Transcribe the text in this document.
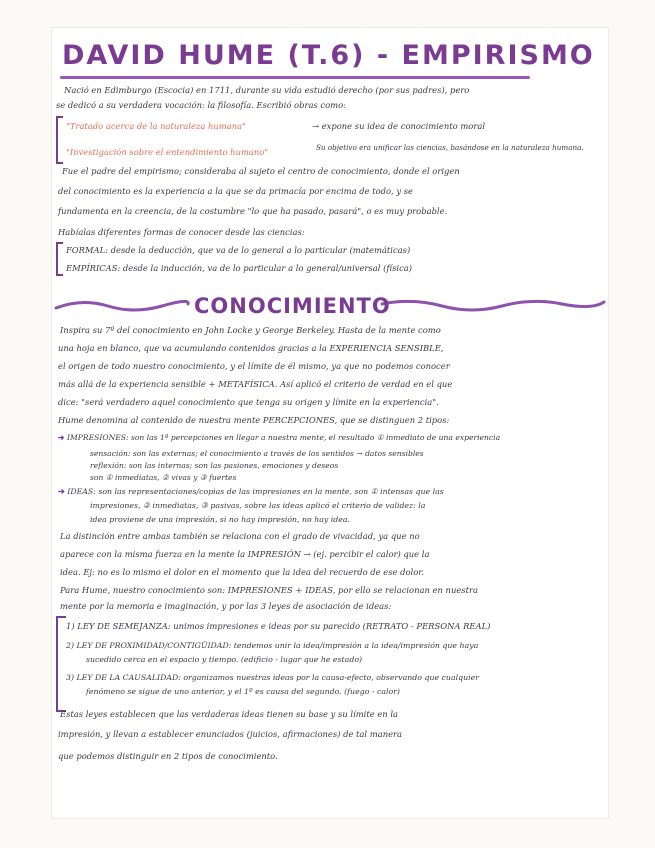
DAVID HUME (T.6) - EMPIRISMO
Nació en Edimburgo (Escocia) en 1711, durante su vida estudió derecho (por sus padres), pero
se dedicó a su verdadera vocación: la filosofía. Escribió obras como:
"Tratado acerca de la naturaleza humana"	→ expone su idea de conocimiento moral
"Investigación sobre el entendimiento humano"	Su objetivo era unificar las ciencias, basándose en la naturaleza humana.
Fue el padre del empirismo; consideraba al sujeto el centro de conocimiento, donde el origen
del conocimiento es la experiencia a la que se da primacía por encima de todo, y se
fundamenta en la creencia, de la costumbre "lo que ha pasado, pasará", o es muy probable.
Habíalas diferentes formas de conocer desde las ciencias:
FORMAL: desde la deducción, que va de lo general a lo particular (matemáticas)
EMPÍRICAS: desde la inducción, va de lo particular a lo general/universal (física)
CONOCIMIENTO
Inspira su 7º del conocimiento en John Locke y George Berkeley. Hasta de la mente como
una hoja en blanco, que va acumulando contenidos gracias a la EXPERIENCIA SENSIBLE,
el origen de todo nuestro conocimiento, y el límite de él mismo, ya que no podemos conocer
más allá de la experiencia sensible + METAFÍSICA. Así aplicó el criterio de verdad en el que
dice: "será verdadero aquel conocimiento que tenga su origen y límite en la experiencia".
Hume denomina al contenido de nuestra mente PERCEPCIONES, que se distinguen 2 tipos:
➔ IMPRESIONES: son las 1ª percepciones en llegar a nuestra mente, el resultado ① inmediato de una experiencia
sensación: son las externas; el conocimiento a través de los sentidos → datos sensibles
reflexión: son las internas; son las pasiones, emociones y deseos
son ① inmediatas, ② vivas y ③ fuertes
➔ IDEAS: son las representaciones/copias de las impresiones en la mente, son ① intensas que las
impresiones, ② inmediatas, ③ pasivas, sobre las ideas aplicó el criterio de validez: la
idea proviene de una impresión, si no hay impresión, no hay idea.
La distinción entre ambas también se relaciona con el grado de vivacidad, ya que no
aparece con la misma fuerza en la mente la IMPRESIÓN → (ej. percibir el calor) que la
idea. Ej: no es lo mismo el dolor en el momento que la idea del recuerdo de ese dolor.
Para Hume, nuestro conocimiento son: IMPRESIONES + IDEAS, por ello se relacionan en nuestra
mente por la memoria e imaginación, y por las 3 leyes de asociación de ideas:
1) LEY DE SEMEJANZA: unimos impresiones e ideas por su parecido (RETRATO - PERSONA REAL)
2) LEY DE PROXIMIDAD/CONTIGÜIDAD: tendemos unir la idea/impresión a la idea/impresión que haya
sucedido cerca en el espacio y tiempo. (edificio - lugar que he estado)
3) LEY DE LA CAUSALIDAD: organizamos nuestras ideas por la causa-efecto, observando que cualquier
fenómeno se sigue de uno anterior, y el 1º es causa del segundo. (fuego - calor)
Estas leyes establecen que las verdaderas ideas tienen su base y su límite en la
impresión, y llevan a establecer enunciados (juicios, afirmaciones) de tal manera
que podemos distinguir en 2 tipos de conocimiento.
